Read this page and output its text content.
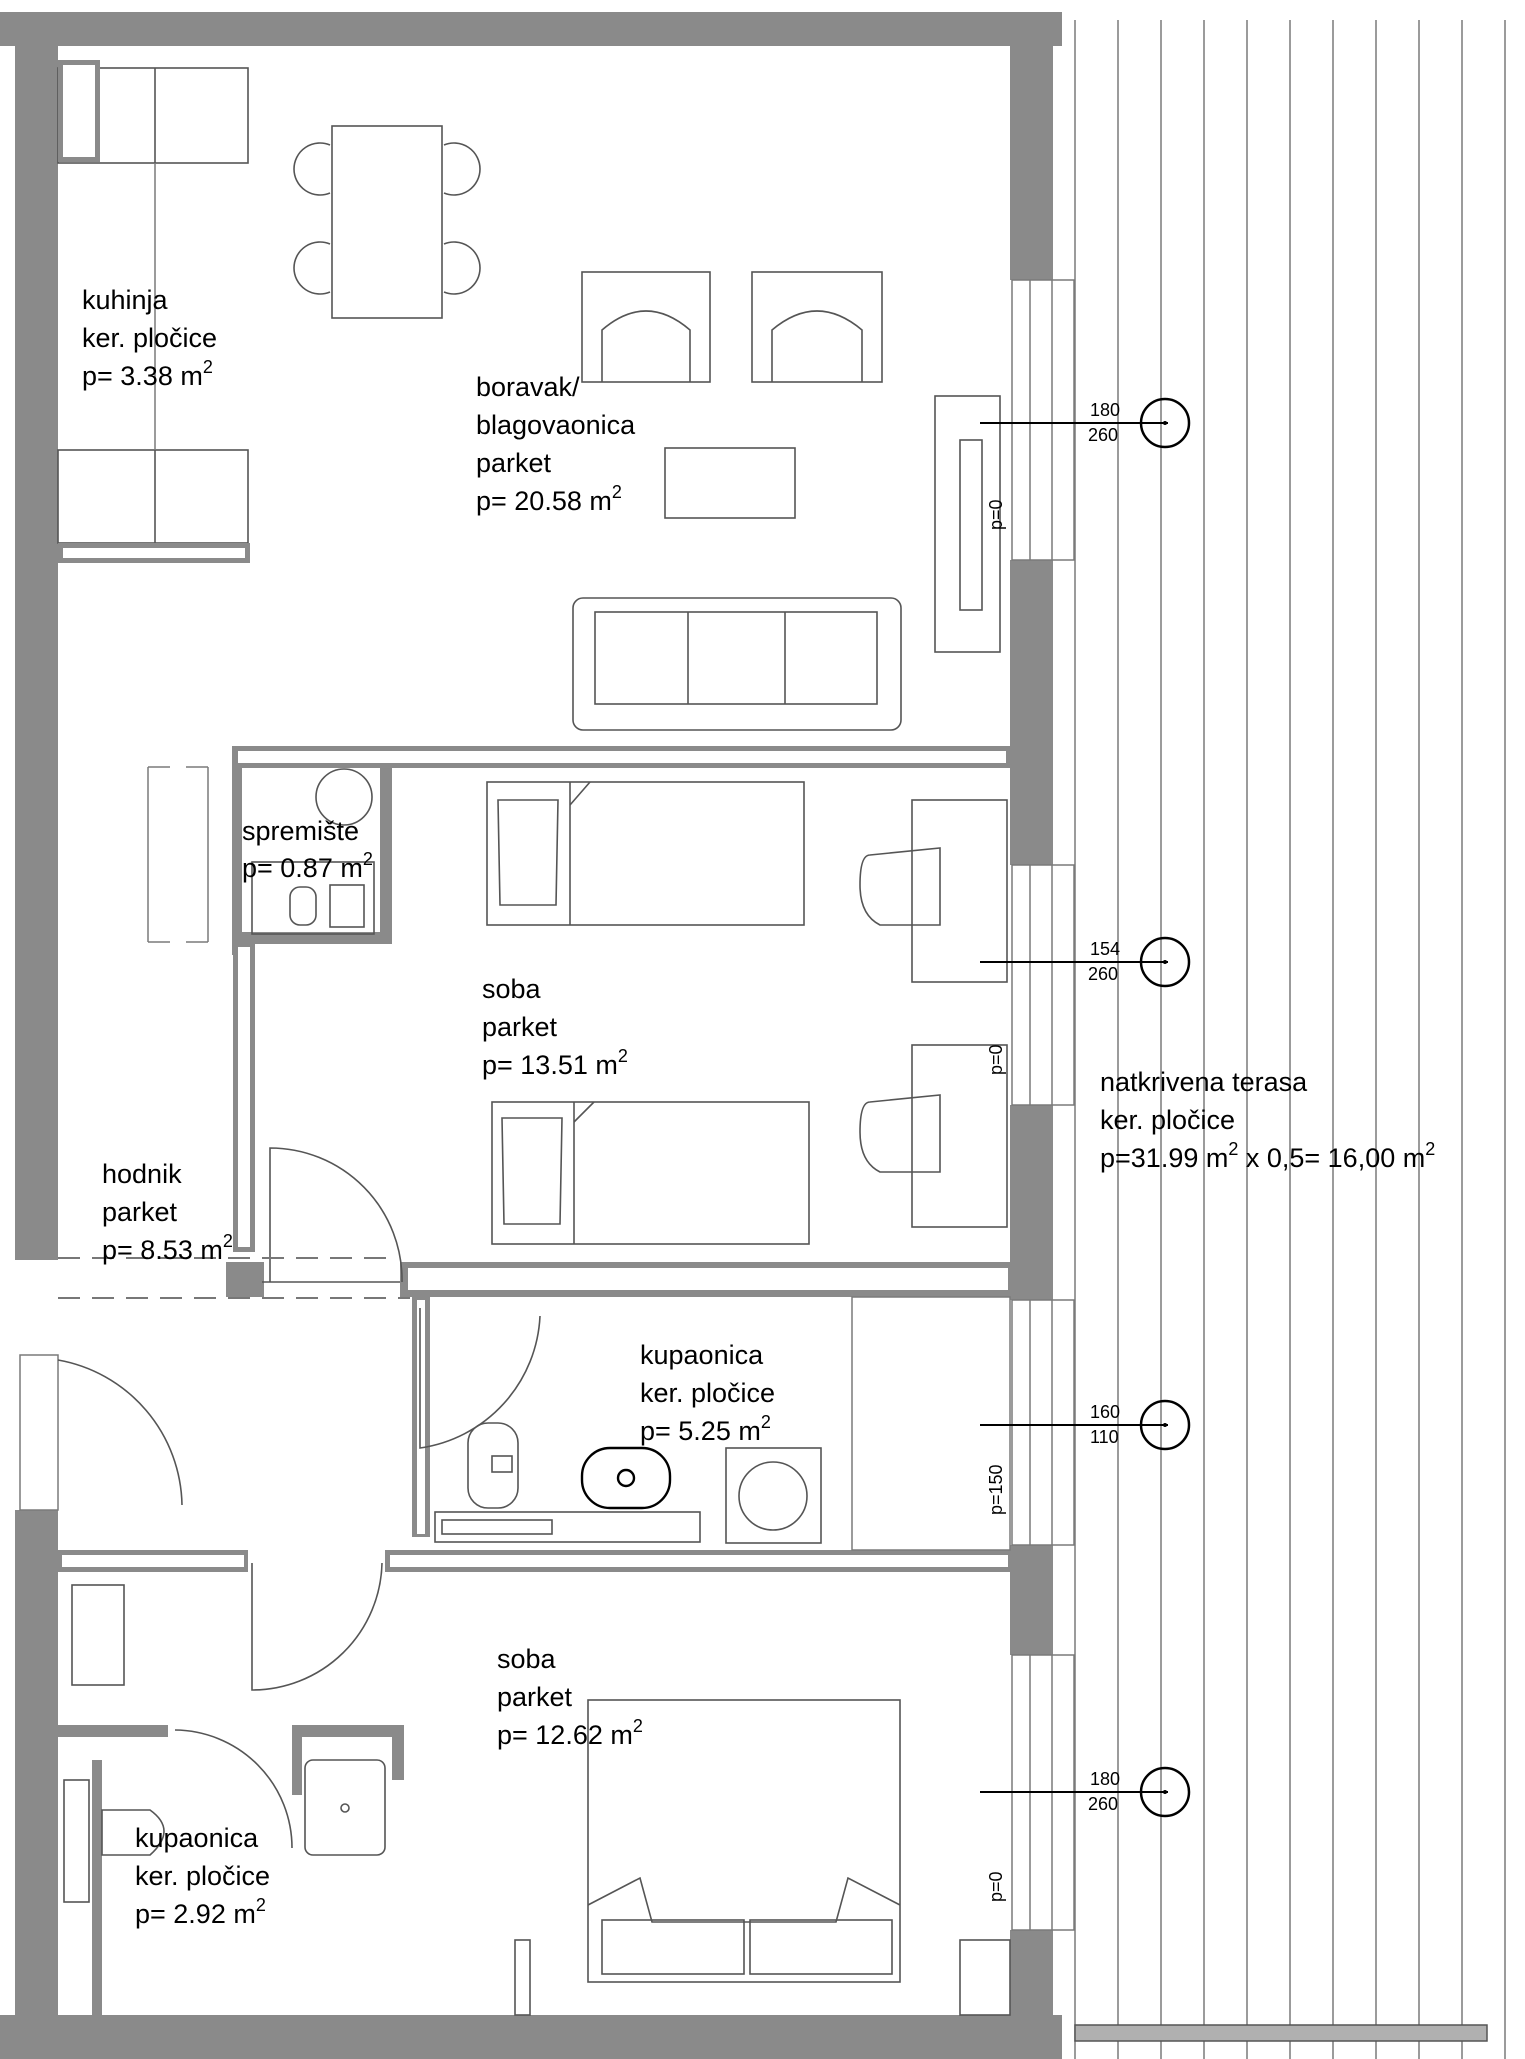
180
260
p=0
154
260
p=0
160
110
p=150
180
260
p=0
kuhinja
ker. pločice
p= 3.38 $m^2$
boravak/
blagovaonica
parket
p= 20.58 $m^2$
spremište
p= 0.87 $m^2$
soba
parket
p= 13.51 $m^2$
hodnik
parket
p= 8.53 $m^2$
kupaonica
ker. pločice
p= 5.25 $m^2$
soba
parket
p= 12.62 $m^2$
kupaonica
ker. pločice
p= 2.92 $m^2$
natkrivena terasa
ker. pločice
p=31.99 $m^2$ x 0,5= 16,00 $m^2$
